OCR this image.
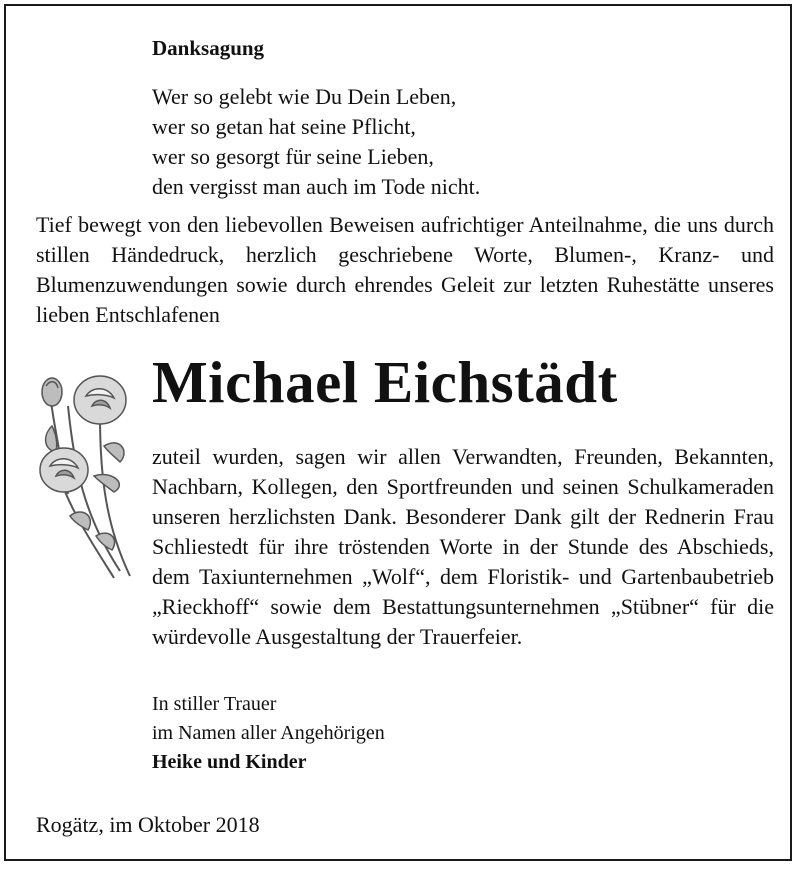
Danksagung
Wer so gelebt wie Du Dein Leben,
wer so getan hat seine Pflicht,
wer so gesorgt für seine Lieben,
den vergisst man auch im Tode nicht.
Tief bewegt von den liebevollen Beweisen aufrichtiger Anteilnahme, die uns durch stillen Händedruck, herzlich geschriebene Worte, Blumen-, Kranz- und Blumenzuwendungen sowie durch ehrendes Geleit zur letzten Ruhestätte unseres lieben Entschlafenen
Michael Eichstädt
zuteil wurden, sagen wir allen Verwandten, Freunden, Bekannten, Nachbarn, Kollegen, den Sportfreunden und seinen Schulkameraden unseren herzlichsten Dank. Besonderer Dank gilt der Rednerin Frau Schliestedt für ihre tröstenden Worte in der Stunde des Abschieds, dem Taxiunternehmen „Wolf“, dem Floristik- und Gartenbaubetrieb „Rieckhoff“ sowie dem Bestattungsunternehmen „Stübner“ für die würdevolle Ausgestaltung der Trauerfeier.
In stiller Trauer
im Namen aller Angehörigen
Heike und Kinder
Rogätz, im Oktober 2018
